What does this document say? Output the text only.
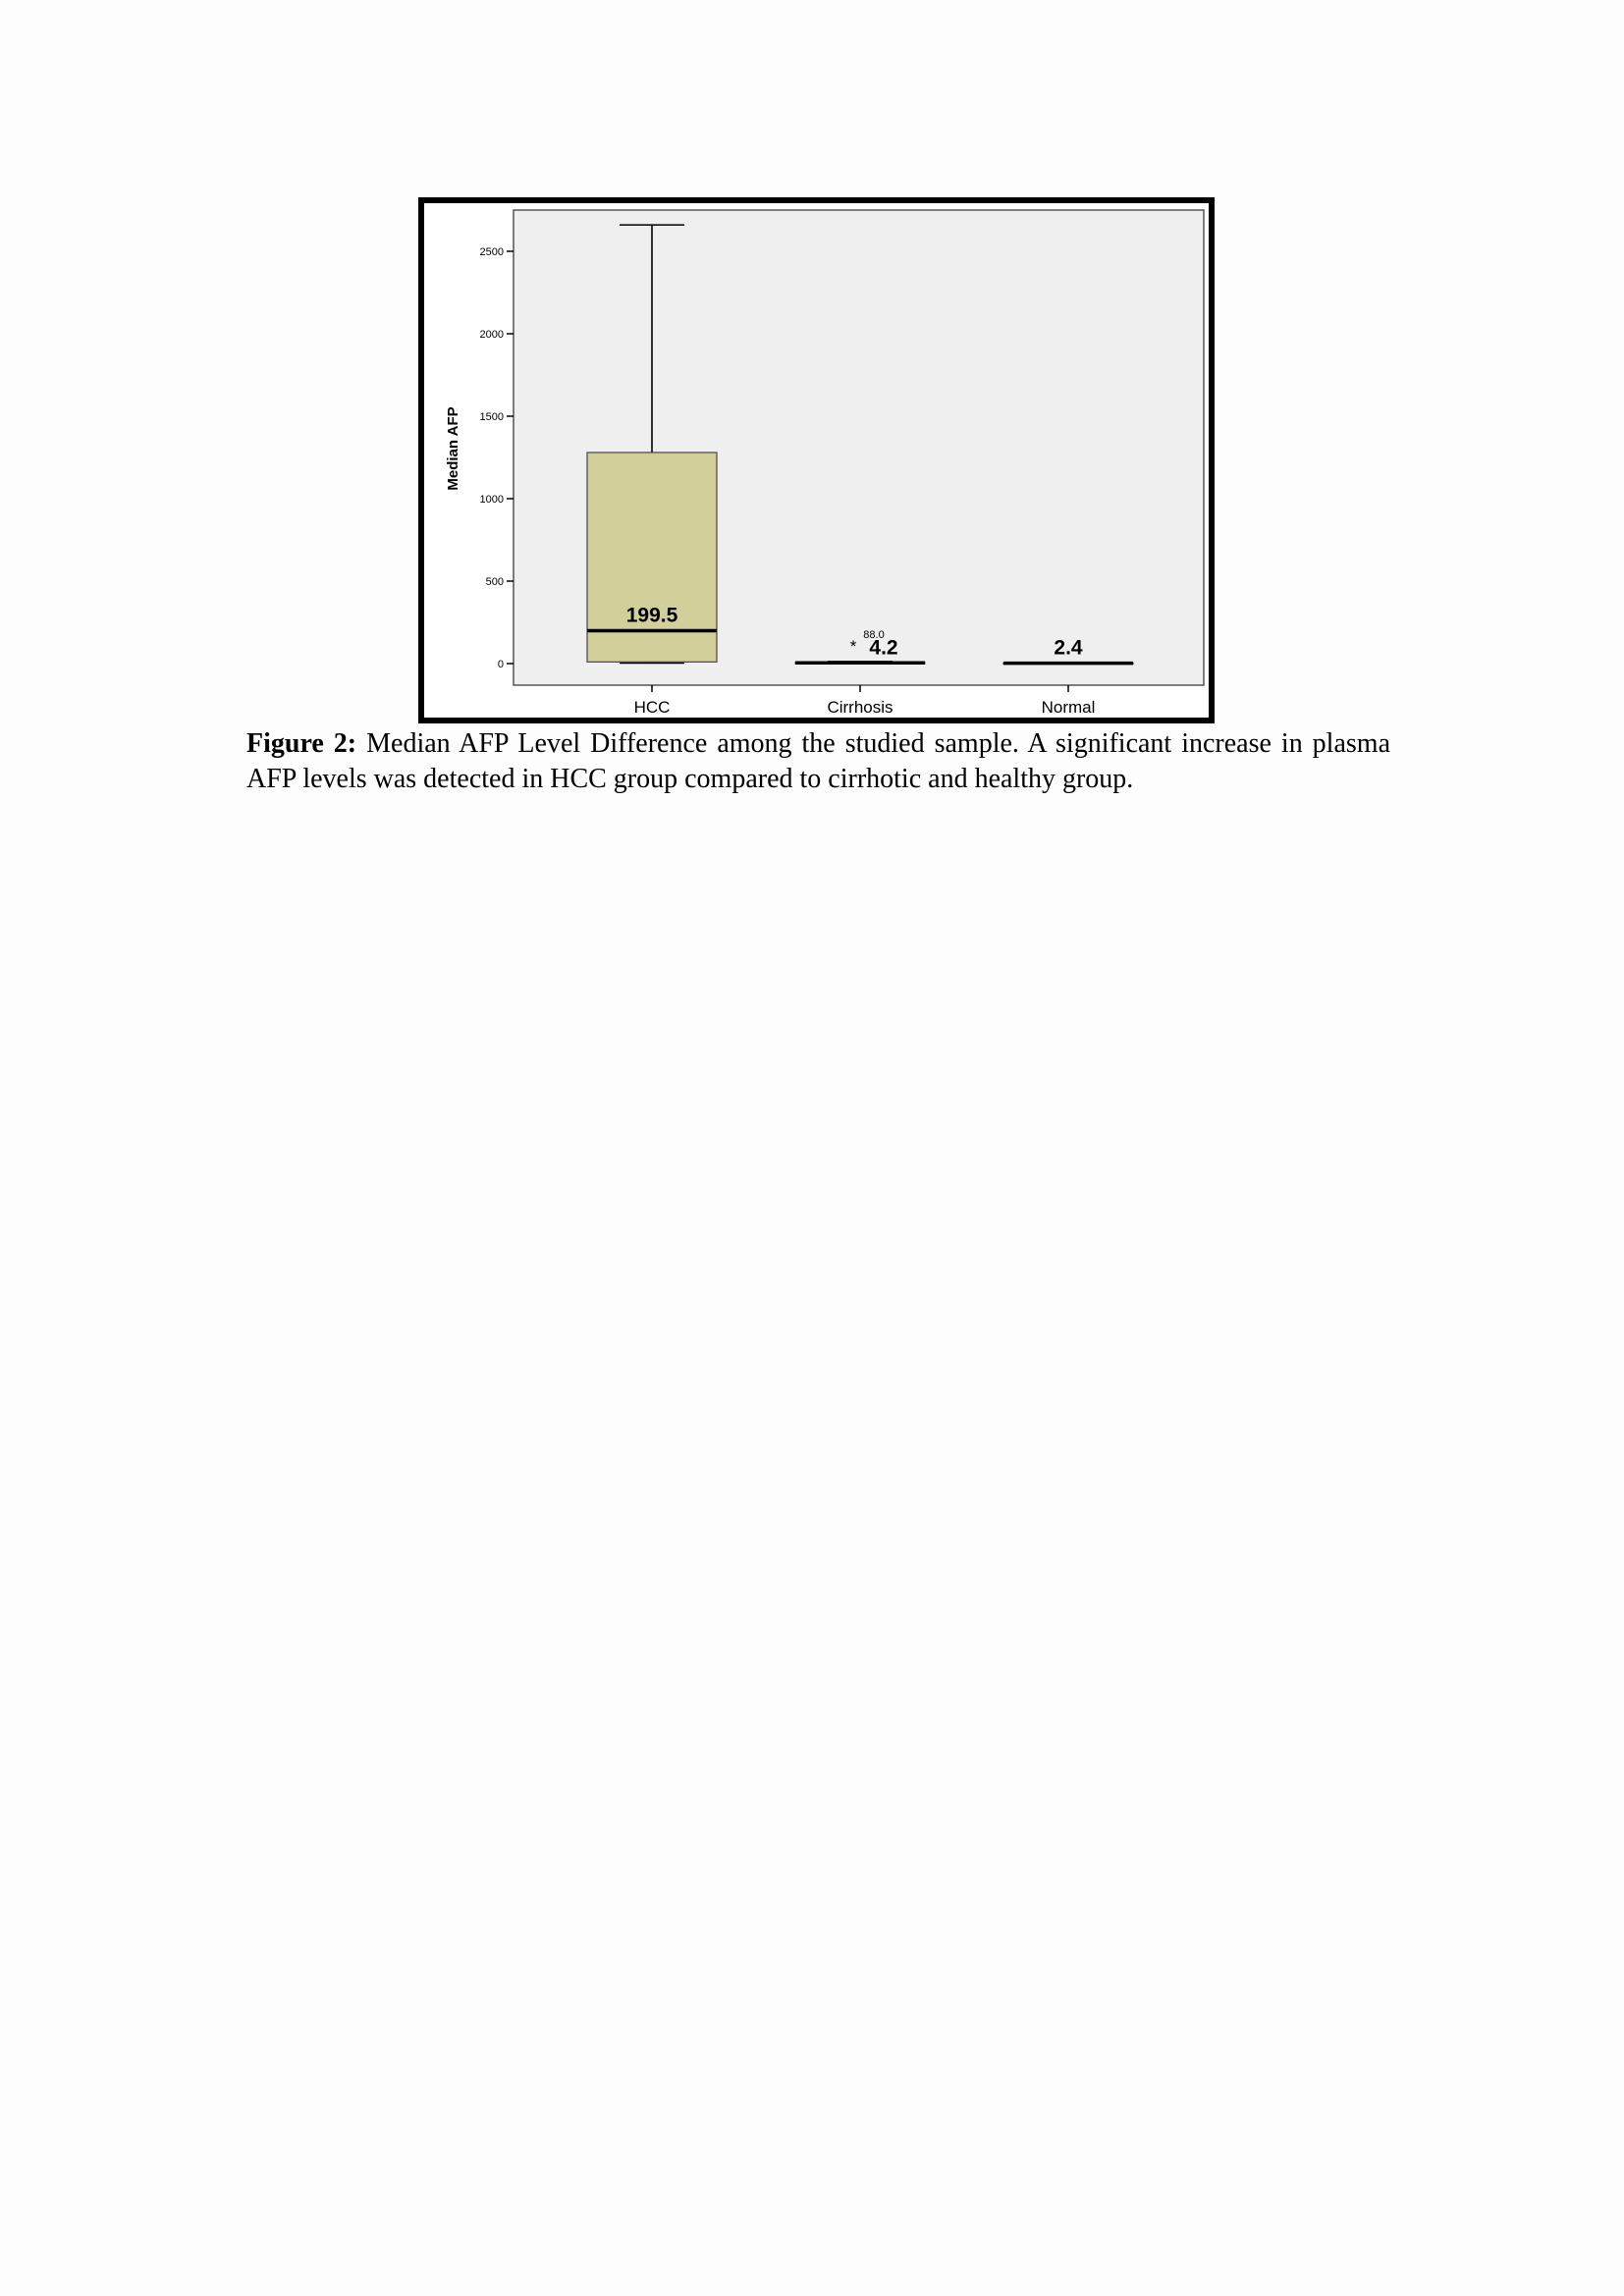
0
500
1000
1500
2000
2500
HCC	Cirrhosis	Normal
199.5
4.2
*
88.0
2.4
Median AFP
Figure 2: Median AFP Level Difference among the studied sample. A significant increase in plasma AFP levels was detected in HCC group compared to cirrhotic and healthy group.
